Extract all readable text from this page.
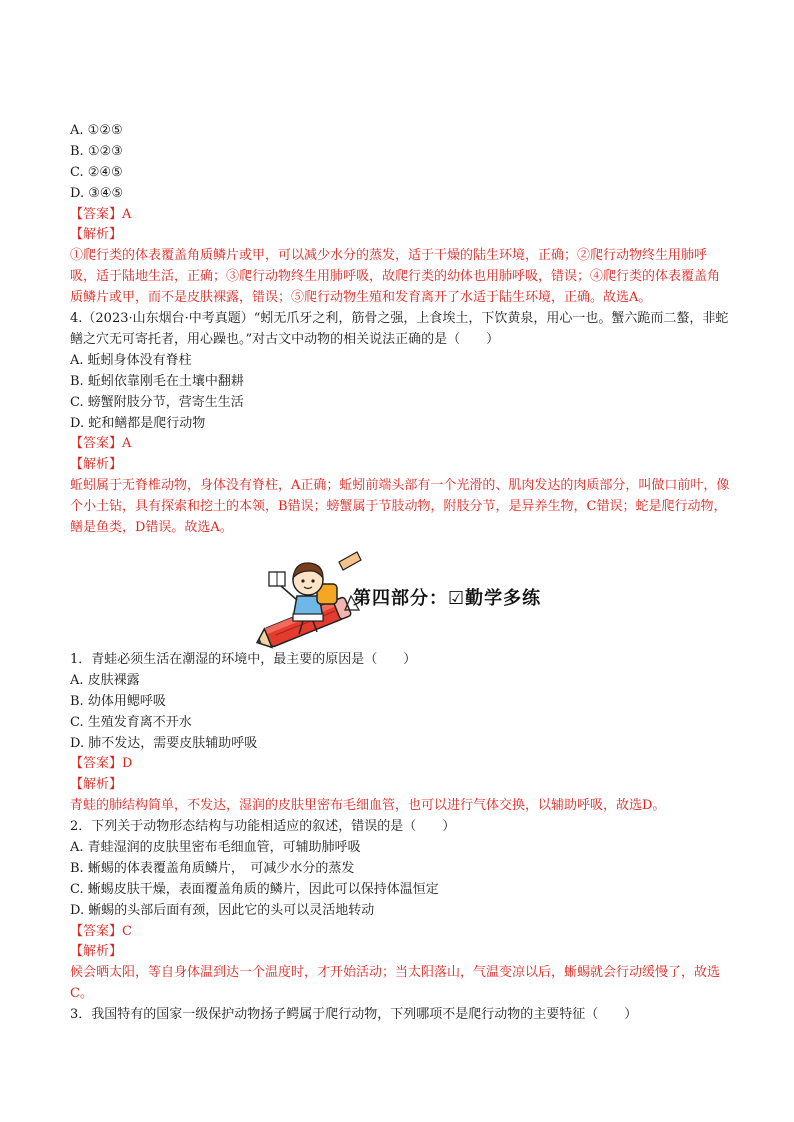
A. ①②⑤
B. ①②③
C. ②④⑤
D. ③④⑤
【答案】A
【解析】
①爬行类的体表覆盖角质鳞片或甲，可以减少水分的蒸发，适于干燥的陆生环境，正确；②爬行动物终生用肺呼吸，适于陆地生活，正确；③爬行动物终生用肺呼吸，故爬行类的幼体也用肺呼吸，错误；④爬行类的体表覆盖角质鳞片或甲，而不是皮肤裸露，错误；⑤爬行动物生殖和发育离开了水适于陆生环境，正确。故选A。
4.（2023·山东烟台·中考真题）“蚓无爪牙之利，筋骨之强，上食埃土，下饮黄泉，用心一也。蟹六跪而二螯，非蛇鳝之穴无可寄托者，用心躁也。”对古文中动物的相关说法正确的是（　　）
A. 蚯蚓身体没有脊柱
B. 蚯蚓依靠刚毛在土壤中翻耕
C. 螃蟹附肢分节，营寄生生活
D. 蛇和鳝都是爬行动物
【答案】A
【解析】
蚯蚓属于无脊椎动物，身体没有脊柱，A正确；蚯蚓前端头部有一个光滑的、肌肉发达的肉质部分，叫做口前叶，像个小土钻，具有探索和挖土的本领，B错误；螃蟹属于节肢动物，附肢分节，是异养生物，C错误；蛇是爬行动物，鳝是鱼类，D错误。故选A。
第四部分：☑勤学多练
1．青蛙必须生活在潮湿的环境中，最主要的原因是（　　）
A. 皮肤裸露
B. 幼体用鳃呼吸
C. 生殖发育离不开水
D. 肺不发达，需要皮肤辅助呼吸
【答案】D
【解析】
青蛙的肺结构简单，不发达，湿润的皮肤里密布毛细血管，也可以进行气体交换，以辅助呼吸，故选D。
2．下列关于动物形态结构与功能相适应的叙述，错误的是（　　）
A. 青蛙湿润的皮肤里密布毛细血管，可辅助肺呼吸
B. 蜥蜴的体表覆盖角质鳞片，　可减少水分的蒸发
C. 蜥蜴皮肤干燥，表面覆盖角质的鳞片，因此可以保持体温恒定
D. 蜥蜴的头部后面有颈，因此它的头可以灵活地转动
【答案】C
【解析】
候会晒太阳，等自身体温到达一个温度时，才开始活动；当太阳落山，气温变凉以后，蜥蜴就会行动缓慢了，故选C。
3．我国特有的国家一级保护动物扬子鳄属于爬行动物，下列哪项不是爬行动物的主要特征（　　）
